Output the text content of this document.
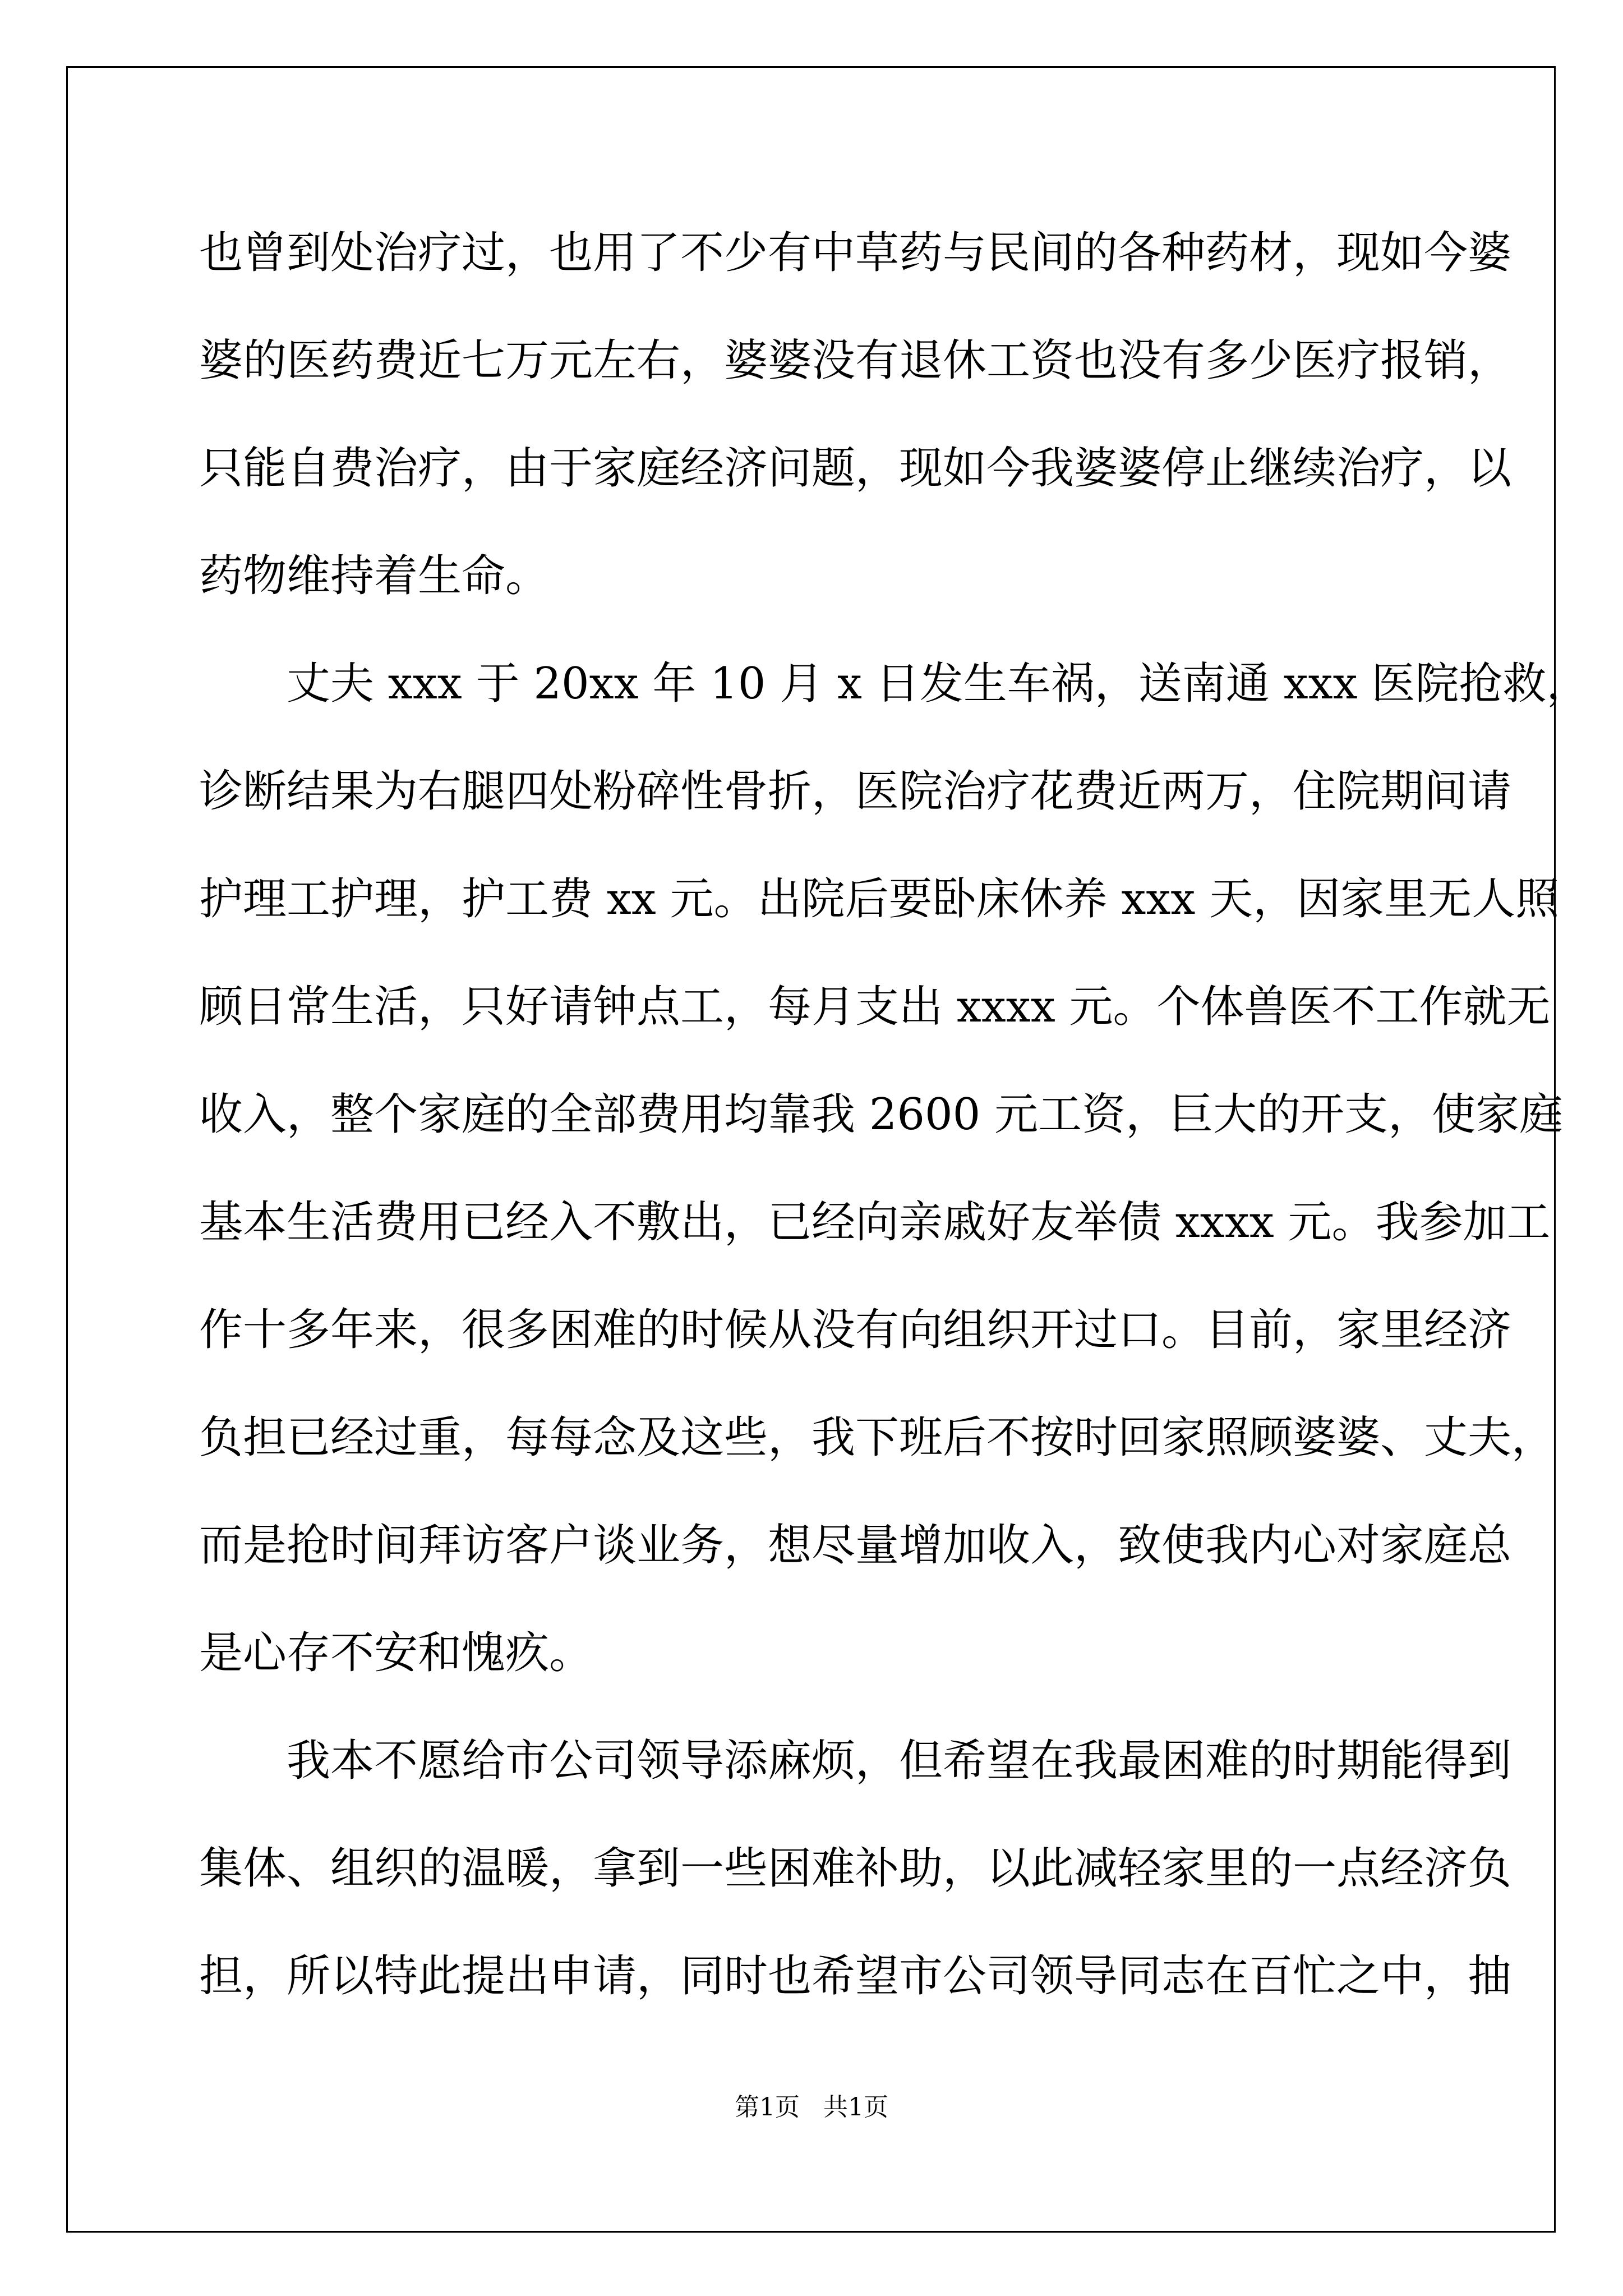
也曾到处治疗过，也用了不少有中草药与民间的各种药材，现如今婆
婆的医药费近七万元左右，婆婆没有退休工资也没有多少医疗报销，
只能自费治疗，由于家庭经济问题，现如今我婆婆停止继续治疗，以
药物维持着生命。
丈夫 xxx 于 20xx 年 10 月 x 日发生车祸，送南通 xxx 医院抢救，
诊断结果为右腿四处粉碎性骨折，医院治疗花费近两万，住院期间请
护理工护理，护工费 xx 元。出院后要卧床休养 xxx 天，因家里无人照
顾日常生活，只好请钟点工，每月支出 xxxx 元。个体兽医不工作就无
收入，整个家庭的全部费用均靠我 2600 元工资，巨大的开支，使家庭
基本生活费用已经入不敷出，已经向亲戚好友举债 xxxx 元。我参加工
作十多年来，很多困难的时候从没有向组织开过口。目前，家里经济
负担已经过重，每每念及这些，我下班后不按时回家照顾婆婆、丈夫，
而是抢时间拜访客户谈业务，想尽量增加收入，致使我内心对家庭总
是心存不安和愧疚。
我本不愿给市公司领导添麻烦，但希望在我最困难的时期能得到
集体、组织的温暖，拿到一些困难补助，以此减轻家里的一点经济负
担，所以特此提出申请，同时也希望市公司领导同志在百忙之中，抽
第1页   共1页
